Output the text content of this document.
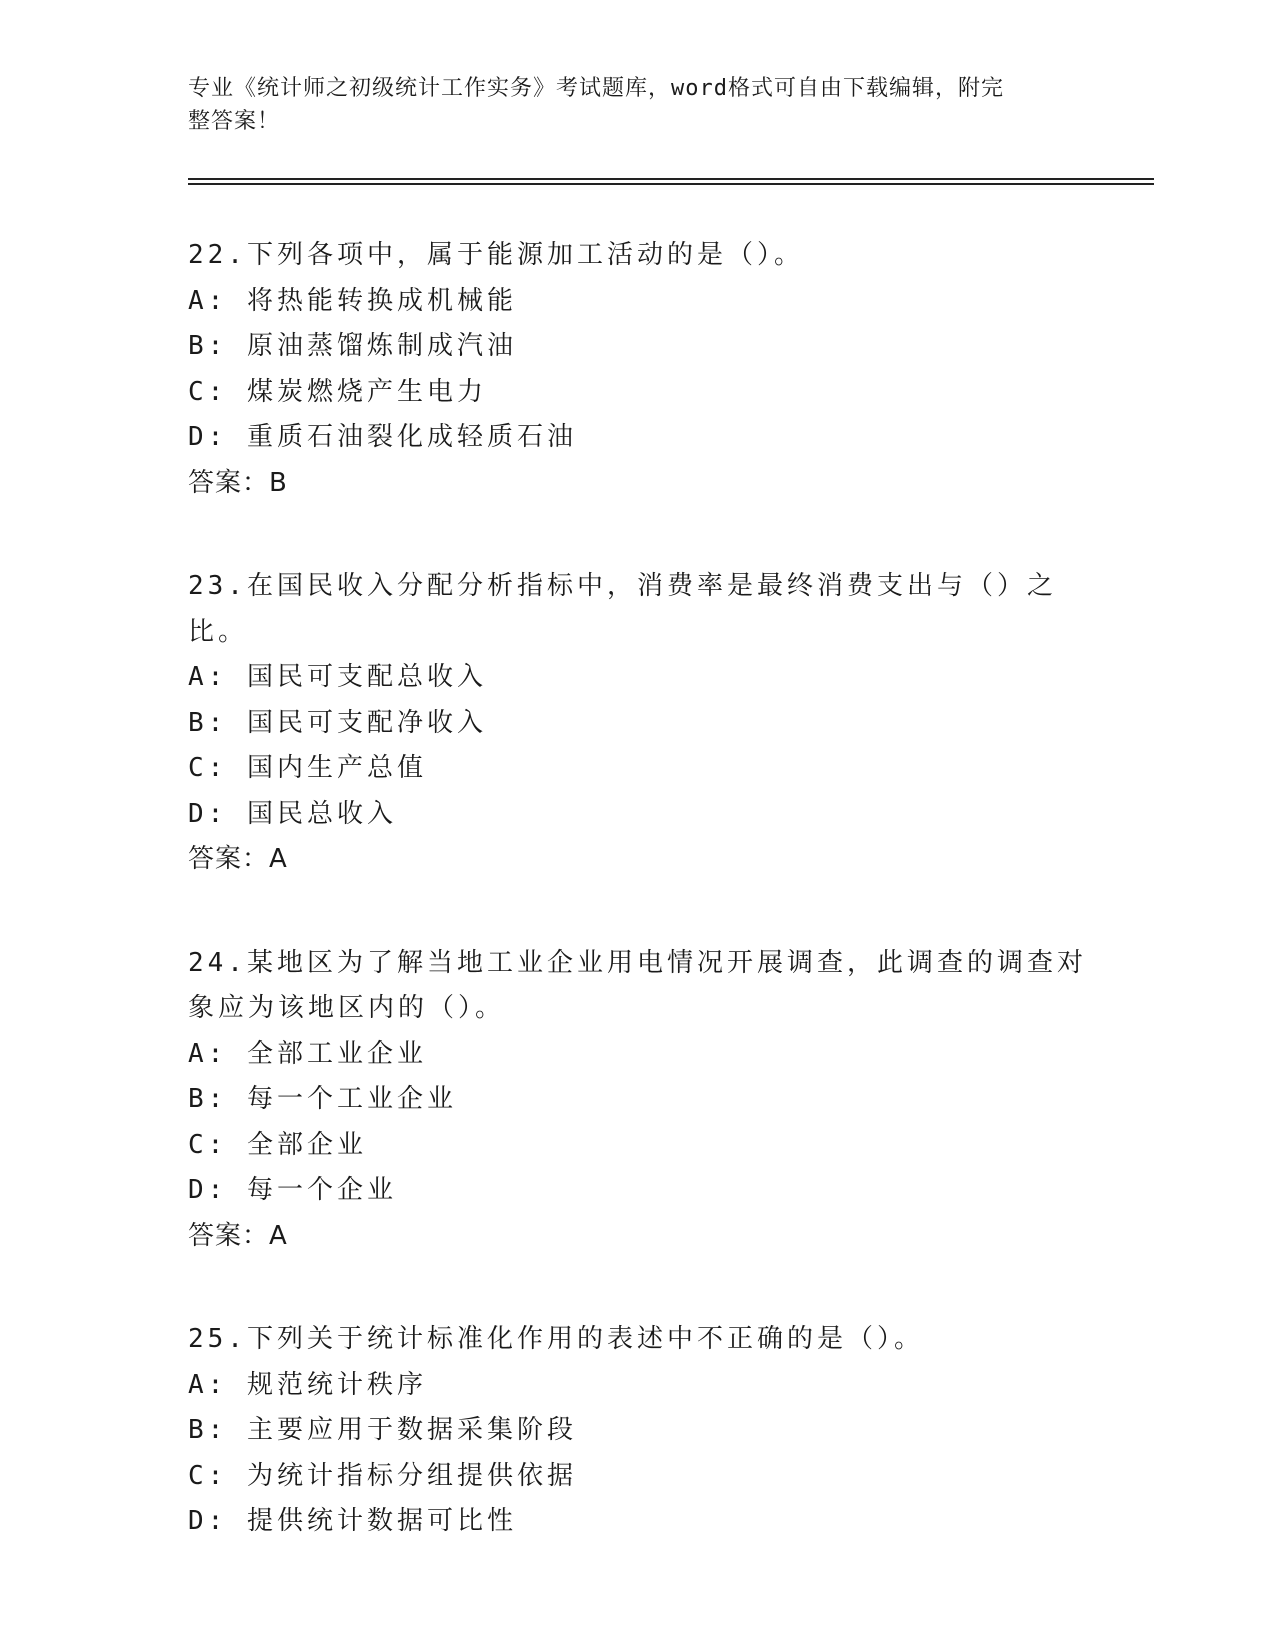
专业《统计师之初级统计工作实务》考试题库，word格式可自由下载编辑，附完
整答案！
22.下列各项中，属于能源加工活动的是（）。
A: 将热能转换成机械能
B: 原油蒸馏炼制成汽油
C: 煤炭燃烧产生电力
D: 重质石油裂化成轻质石油
答案：B
23.在国民收入分配分析指标中，消费率是最终消费支出与（）之比。
A: 国民可支配总收入
B: 国民可支配净收入
C: 国内生产总值
D: 国民总收入
答案：A
24.某地区为了解当地工业企业用电情况开展调查，此调查的调查对象应为该地区内的（）。
A: 全部工业企业
B: 每一个工业企业
C: 全部企业
D: 每一个企业
答案：A
25.下列关于统计标准化作用的表述中不正确的是（）。
A: 规范统计秩序
B: 主要应用于数据采集阶段
C: 为统计指标分组提供依据
D: 提供统计数据可比性
